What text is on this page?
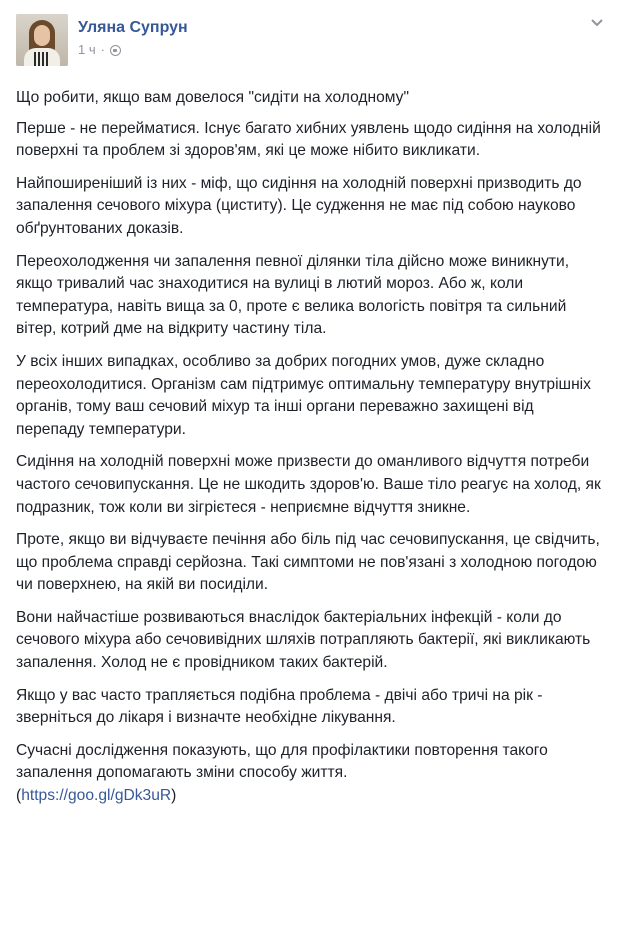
Уляна Супрун
1 ч ·

Що робити, якщо вам довелося "сидіти на холодному"

Перше - не перейматися. Існує багато хибних уявлень щодо сидіння на холодній поверхні та проблем зі здоров'ям, які це може нібито викликати.

Найпоширеніший із них - міф, що сидіння на холодній поверхні призводить до запалення сечового міхура (циститу). Це судження не має під собою науково обґрунтованих доказів.

Переохолодження чи запалення певної ділянки тіла дійсно може виникнути, якщо тривалий час знаходитися на вулиці в лютий мороз. Або ж, коли температура, навіть вища за 0, проте є велика вологість повітря та сильний вітер, котрий дме на відкриту частину тіла.

У всіх інших випадках, особливо за добрих погодних умов, дуже складно переохолодитися. Організм сам підтримує оптимальну температуру внутрішніх органів, тому ваш сечовий міхур та інші органи переважно захищені від перепаду температури.

Сидіння на холодній поверхні може призвести до оманливого відчуття потреби частого сечовипускання. Це не шкодить здоров'ю. Ваше тіло реагує на холод, як подразник, тож коли ви зігрієтеся - неприємне відчуття зникне.

Проте, якщо ви відчуваєте печіння або біль під час сечовипускання, це свідчить, що проблема справді серйозна. Такі симптоми не пов'язані з холодною погодою чи поверхнею, на якій ви посиділи.

Вони найчастіше розвиваються внаслідок бактеріальних інфекцій - коли до сечового міхура або сечовивідних шляхів потрапляють бактерії, які викликають запалення. Холод не є провідником таких бактерій.

Якщо у вас часто трапляється подібна проблема - двічі або тричі на рік - зверніться до лікаря і визначте необхідне лікування.

Сучасні дослідження показують, що для профілактики повторення такого запалення допомагають зміни способу життя.
(https://goo.gl/gDk3uR)
